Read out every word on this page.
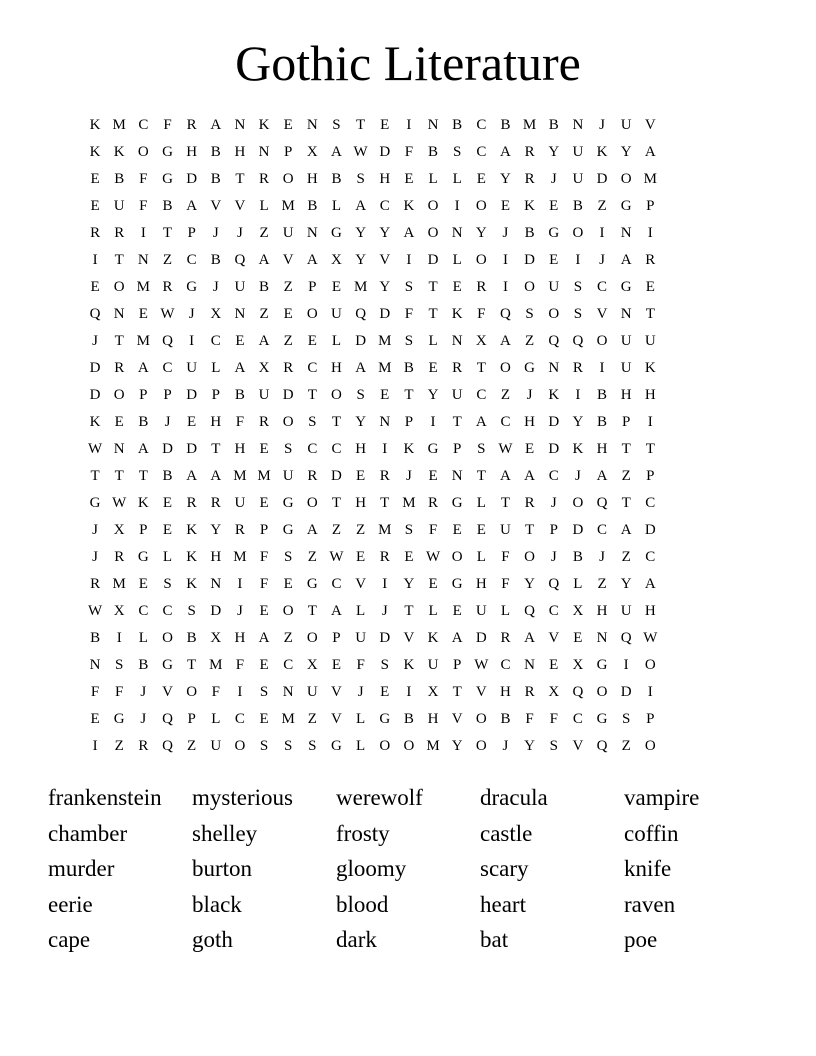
Gothic Literature
K M C F R A N K E N S	T E	I	N B C B M B N	J	U V
K K O G H B H N P X A W D F B S C A R Y U K Y A
E B F G D B T R O H B S H E L L E Y R	J	U D O M
E U F B A V V L M B L A C K O	I	O E K E B Z G P
R R	I	T	P	J	J	Z U N G Y Y A O N Y	J	B G O	I	N	I
I	T N Z C B Q A V A X Y V	I	D L O	I	D E	I	J	A R
E O M R G	J	U B Z	P	E M Y S	T E R	I	O U S C G E
Q N E W J	X N Z E O U Q D F	T K F Q S O S V N T
J	T M Q	I	C E A Z E L D M S	L N X A Z Q Q O U U
D R A C U L A X R C H A M B E R T O G N R	I	U K
D O P	P D P B U D T O S	E T Y U C Z	J	K	I	B H H
K E B	J	E H F R O S	T Y N P	I	T A C H D Y B P	I
W N A D D T H E	S C C H	I	K G P	S W E D K H T T
T T T B A A M M U R D E R	J	E N T A A C	J	A Z	P
G W K E R R U E G O T H T M R G L T R	J	O Q T C
J	X P	E K Y R P G A Z Z M S	F	E E U T	P D C A D
J	R G L K H M F	S	Z W E R E W O L	F O	J	B	J	Z C
R M E	S K N	I	F	E G C V	I	Y E G H F Y Q L Z Y A
W X C C S D	J	E O T A L	J	T L E U L Q C X H U H
B	I	L O B X H A Z O P U D V K A D R A V E N Q W
N S B G T M F	E C X E	F	S K U P W C N E X G	I	O
F	F	J	V O F	I	S N U V	J	E	I	X T V H R X Q O D	I
E G	J	Q P	L C E M Z V L G B H V O B F	F C G S	P
I	Z R Q Z U O S	S	S G L O O M Y O	J	Y S V Q Z O
frankenstein	mysterious	werewolf	dracula	vampire
chamber	shelley	frosty	castle	coffin
murder	burton	gloomy	scary	knife
eerie	black	blood	heart	raven
cape	goth	dark	bat	poe
